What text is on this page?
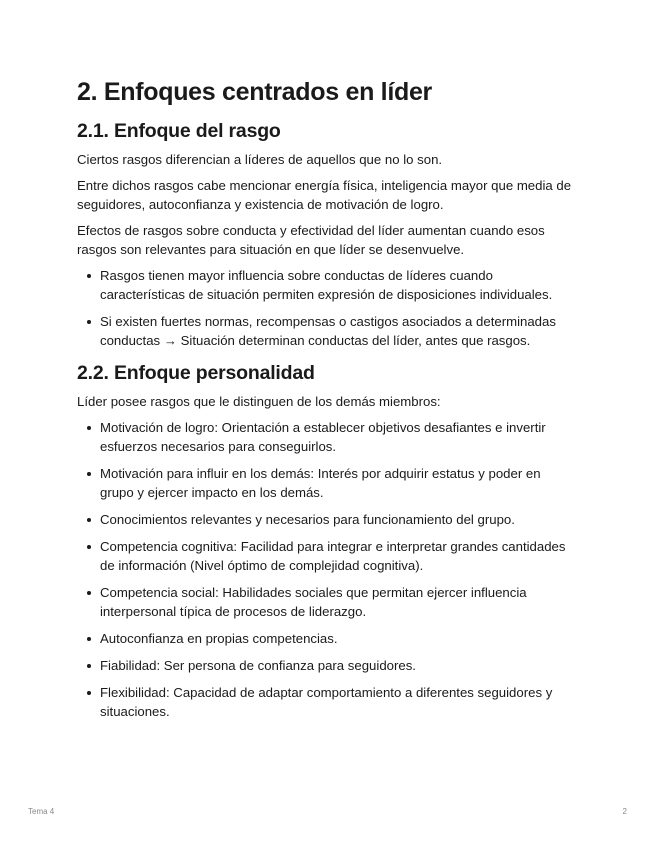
2. Enfoques centrados en líder
2.1. Enfoque del rasgo

Ciertos rasgos diferencian a líderes de aquellos que no lo son.

Entre dichos rasgos cabe mencionar energía física, inteligencia mayor que media de seguidores, autoconfianza y existencia de motivación de logro.

Efectos de rasgos sobre conducta y efectividad del líder aumentan cuando esos rasgos son relevantes para situación en que líder se desenvuelve.

Rasgos tienen mayor influencia sobre conductas de líderes cuando características de situación permiten expresión de disposiciones individuales.
Si existen fuertes normas, recompensas o castigos asociados a determinadas conductas → Situación determinan conductas del líder, antes que rasgos.
2.2. Enfoque personalidad

Líder posee rasgos que le distinguen de los demás miembros:

Motivación de logro: Orientación a establecer objetivos desafiantes e invertir esfuerzos necesarios para conseguirlos.
Motivación para influir en los demás: Interés por adquirir estatus y poder en grupo y ejercer impacto en los demás.
Conocimientos relevantes y necesarios para funcionamiento del grupo.
Competencia cognitiva: Facilidad para integrar e interpretar grandes cantidades de información (Nivel óptimo de complejidad cognitiva).
Competencia social: Habilidades sociales que permitan ejercer influencia interpersonal típica de procesos de liderazgo.
Autoconfianza en propias competencias.
Fiabilidad: Ser persona de confianza para seguidores.
Flexibilidad: Capacidad de adaptar comportamiento a diferentes seguidores y situaciones.
Tema 4	2
